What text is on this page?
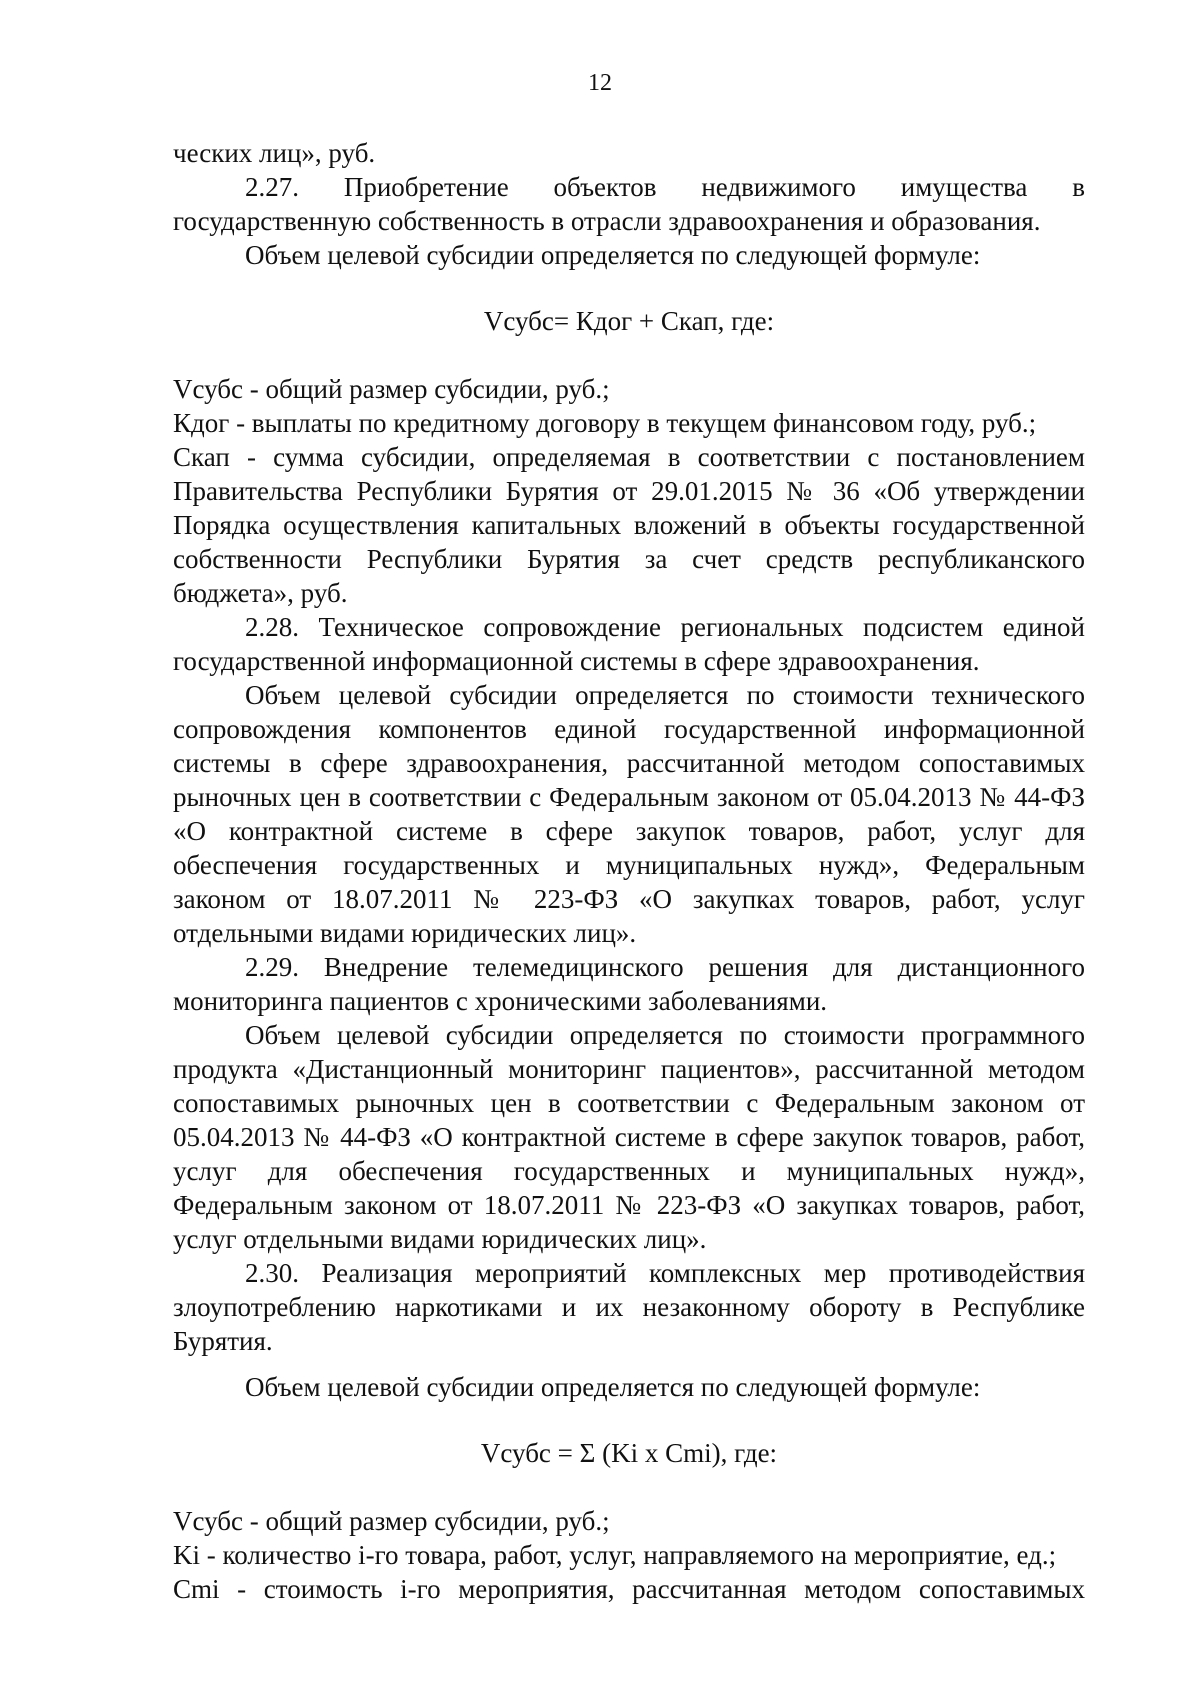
12

ческих лиц», руб.

2.27. Приобретение объектов недвижимого имущества в государственную собственность в отрасли здравоохранения и образования.

Объем целевой субсидии определяется по следующей формуле:

Vсубс= Кдог + Скап, где:

Vсубс - общий размер субсидии, руб.;

Кдог - выплаты по кредитному договору в текущем финансовом году, руб.;

Скап - сумма субсидии, определяемая в соответствии с постановлением Правительства Республики Бурятия от 29.01.2015 № 36 «Об утверждении Порядка осуществления капитальных вложений в объекты государственной собственности Республики Бурятия за счет средств республиканского бюджета», руб.

2.28. Техническое сопровождение региональных подсистем единой государственной информационной системы в сфере здравоохранения.

Объем целевой субсидии определяется по стоимости технического сопровождения компонентов единой государственной информационной системы в сфере здравоохранения, рассчитанной методом сопоставимых рыночных цен в соответствии с Федеральным законом от 05.04.2013 № 44-ФЗ «О контрактной системе в сфере закупок товаров, работ, услуг для обеспечения государственных и муниципальных нужд», Федеральным законом от 18.07.2011 № 223-ФЗ «О закупках товаров, работ, услуг отдельными видами юридических лиц».

2.29. Внедрение телемедицинского решения для дистанционного мониторинга пациентов с хроническими заболеваниями.

Объем целевой субсидии определяется по стоимости программного продукта «Дистанционный мониторинг пациентов», рассчитанной методом сопоставимых рыночных цен в соответствии с Федеральным законом от 05.04.2013 № 44-ФЗ «О контрактной системе в сфере закупок товаров, работ, услуг для обеспечения государственных и муниципальных нужд», Федеральным законом от 18.07.2011 № 223-ФЗ «О закупках товаров, работ, услуг отдельными видами юридических лиц».

2.30. Реализация мероприятий комплексных мер противодействия злоупотреблению наркотиками и их незаконному обороту в Республике Бурятия.

Объем целевой субсидии определяется по следующей формуле:

Vсубс = Σ (Ki x Cmi), где:

Vсубс - общий размер субсидии, руб.;

Ki - количество i-го товара, работ, услуг, направляемого на мероприятие, ед.;

Cmi - стоимость i-го мероприятия, рассчитанная методом сопоставимых
